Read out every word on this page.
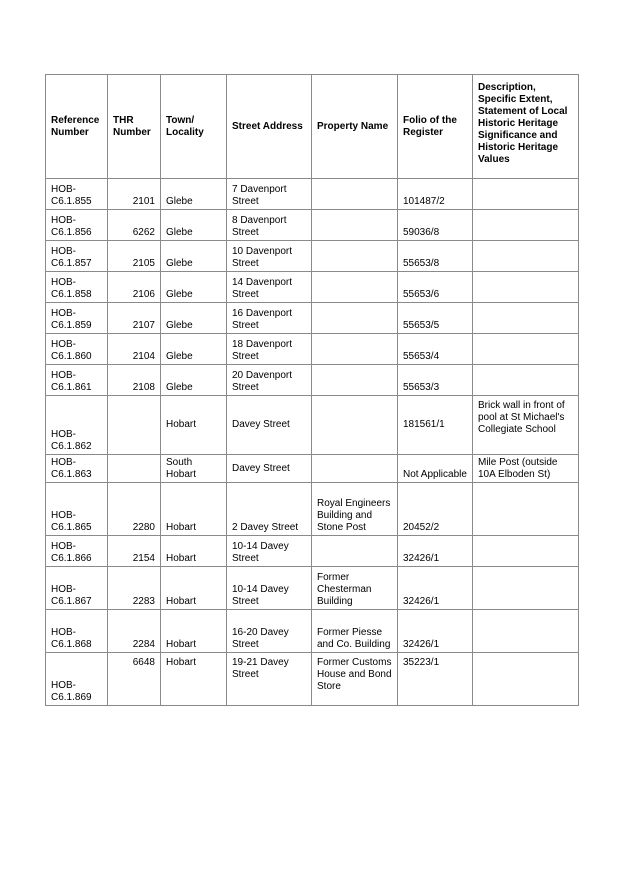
Reference Number	THR Number	Town/ Locality	Street Address	Property Name	Folio of the Register	Description, Specific Extent, Statement of Local Historic Heritage Significance and Historic Heritage Values
HOB-C6.1.855	2101	Glebe	7 Davenport Street		101487/2	
HOB-C6.1.856	6262	Glebe	8 Davenport Street		59036/8	
HOB-C6.1.857	2105	Glebe	10 Davenport Street		55653/8	
HOB-C6.1.858	2106	Glebe	14 Davenport Street		55653/6	
HOB-C6.1.859	2107	Glebe	16 Davenport Street		55653/5	
HOB-C6.1.860	2104	Glebe	18 Davenport Street		55653/4	
HOB-C6.1.861	2108	Glebe	20 Davenport Street		55653/3	
HOB-C6.1.862		Hobart	Davey Street		181561/1	Brick wall in front of pool at St Michael's Collegiate School
HOB-C6.1.863		South Hobart	Davey Street		Not Applicable	Mile Post (outside 10A Elboden St)
HOB-C6.1.865	2280	Hobart	2 Davey Street	Royal Engineers Building and Stone Post	20452/2	
HOB-C6.1.866	2154	Hobart	10-14 Davey Street		32426/1	
HOB-C6.1.867	2283	Hobart	10-14 Davey Street	Former Chesterman Building	32426/1	
HOB-C6.1.868	2284	Hobart	16-20 Davey Street	Former Piesse and Co. Building	32426/1	
HOB-C6.1.869	6648	Hobart	19-21 Davey Street	Former Customs House and Bond Store	35223/1	
